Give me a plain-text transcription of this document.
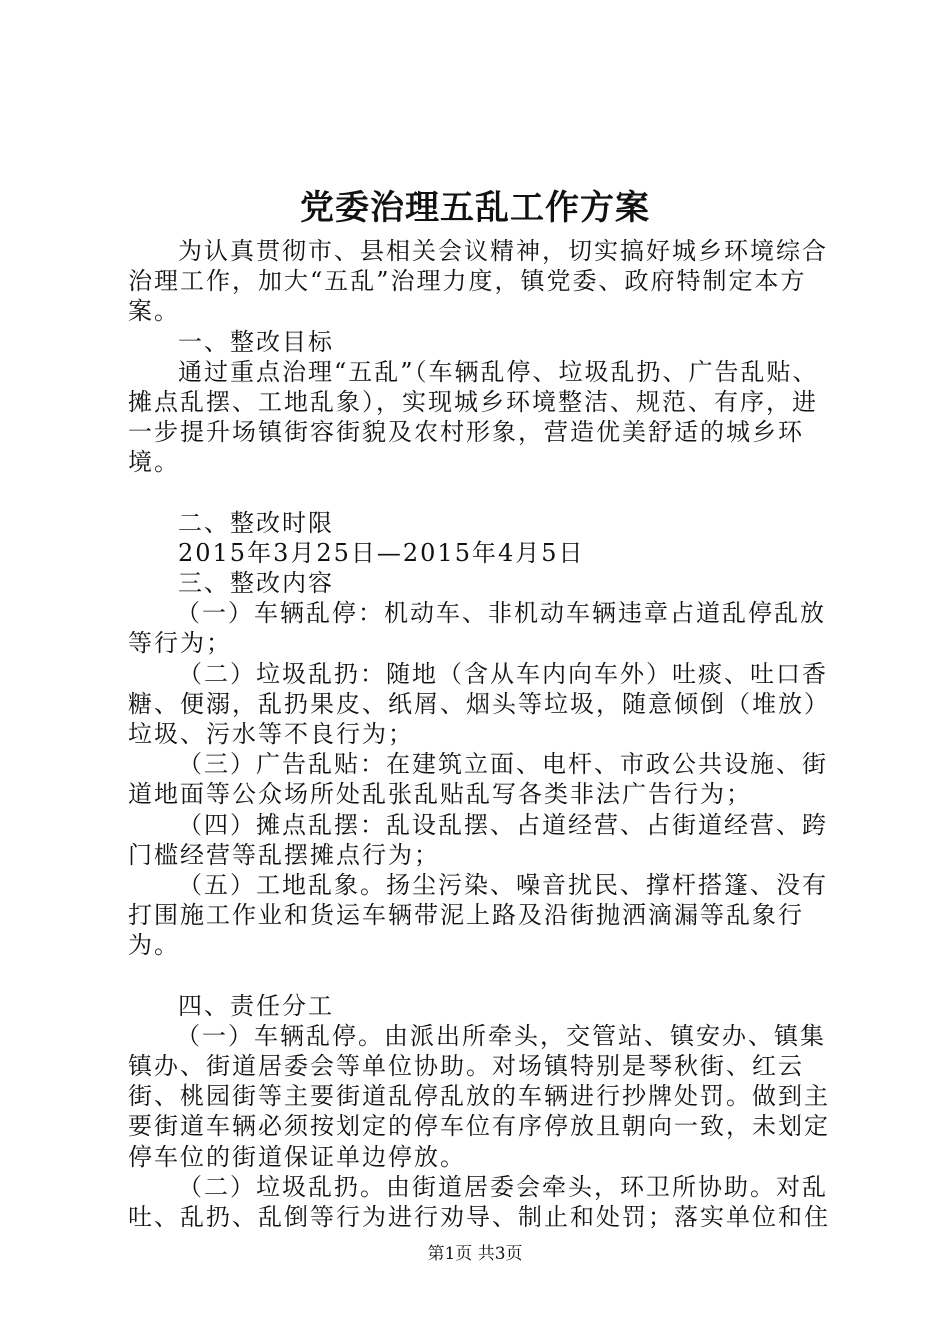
党委治理五乱工作方案

为认真贯彻市、县相关会议精神，切实搞好城乡环境综合治理工作，加大“五乱”治理力度，镇党委、政府特制定本方案。

一、整改目标

通过重点治理“五乱”（车辆乱停、垃圾乱扔、广告乱贴、摊点乱摆、工地乱象），实现城乡环境整洁、规范、有序，进一步提升场镇街容街貌及农村形象，营造优美舒适的城乡环境。

二、整改时限

2015年3月25日—2015年4月5日

三、整改内容

（一）车辆乱停：机动车、非机动车辆违章占道乱停乱放等行为；

（二）垃圾乱扔：随地（含从车内向车外）吐痰、吐口香糖、便溺，乱扔果皮、纸屑、烟头等垃圾，随意倾倒（堆放）垃圾、污水等不良行为；

（三）广告乱贴：在建筑立面、电杆、市政公共设施、街道地面等公众场所处乱张乱贴乱写各类非法广告行为；

（四）摊点乱摆：乱设乱摆、占道经营、占街道经营、跨门槛经营等乱摆摊点行为；

（五）工地乱象。扬尘污染、噪音扰民、撑杆搭篷、没有打围施工作业和货运车辆带泥上路及沿街抛洒滴漏等乱象行为。

四、责任分工

（一）车辆乱停。由派出所牵头，交管站、镇安办、镇集镇办、街道居委会等单位协助。对场镇特别是琴秋街、红云街、桃园街等主要街道乱停乱放的车辆进行抄牌处罚。做到主要街道车辆必须按划定的停车位有序停放且朝向一致，未划定停车位的街道保证单边停放。

（二）垃圾乱扔。由街道居委会牵头，环卫所协助。对乱吐、乱扔、乱倒等行为进行劝导、制止和处罚；落实单位和住

第1页 共3页
